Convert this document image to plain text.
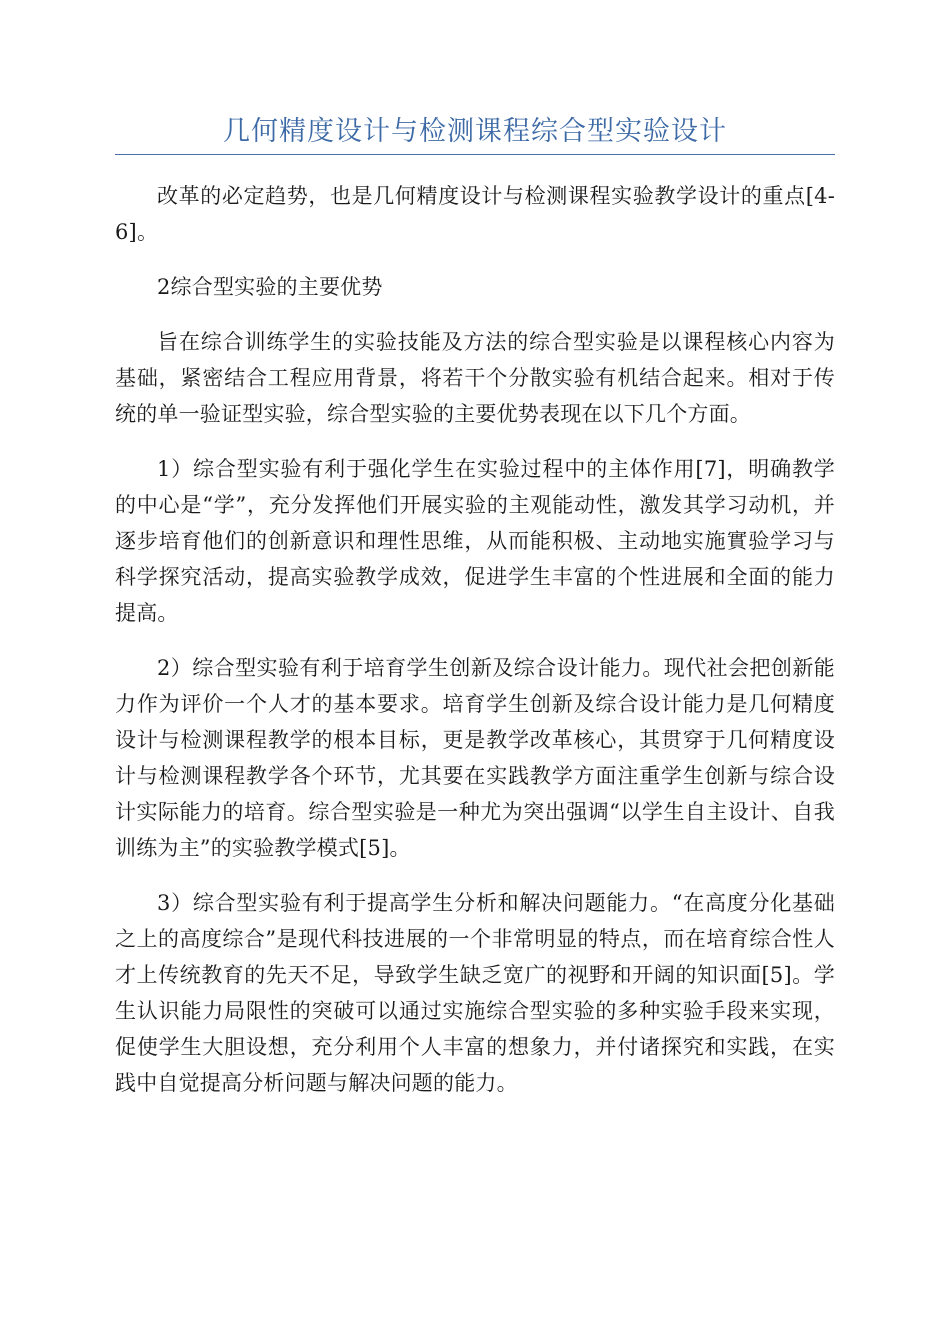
几何精度设计与检测课程综合型实验设计

改革的必定趋势，也是几何精度设计与检测课程实验教学设计的重点[4-6]。

2综合型实验的主要优势

旨在综合训练学生的实验技能及方法的综合型实验是以课程核心内容为基础，紧密结合工程应用背景，将若干个分散实验有机结合起来。相对于传统的单一验证型实验，综合型实验的主要优势表现在以下几个方面。

1）综合型实验有利于强化学生在实验过程中的主体作用[7]，明确教学的中心是“学”，充分发挥他们开展实验的主观能动性，激发其学习动机，并逐步培育他们的创新意识和理性思维，从而能积极、主动地实施實验学习与科学探究活动，提高实验教学成效，促进学生丰富的个性进展和全面的能力提高。

2）综合型实验有利于培育学生创新及综合设计能力。现代社会把创新能力作为评价一个人才的基本要求。培育学生创新及综合设计能力是几何精度设计与检测课程教学的根本目标，更是教学改革核心，其贯穿于几何精度设计与检测课程教学各个环节，尤其要在实践教学方面注重学生创新与综合设计实际能力的培育。综合型实验是一种尤为突出强调“以学生自主设计、自我训练为主”的实验教学模式[5]。

3）综合型实验有利于提高学生分析和解决问题能力。“在高度分化基础之上的高度综合”是现代科技进展的一个非常明显的特点，而在培育综合性人才上传统教育的先天不足，导致学生缺乏宽广的视野和开阔的知识面[5]。学生认识能力局限性的突破可以通过实施综合型实验的多种实验手段来实现，促使学生大胆设想，充分利用个人丰富的想象力，并付诸探究和实践，在实践中自觉提高分析问题与解决问题的能力。
